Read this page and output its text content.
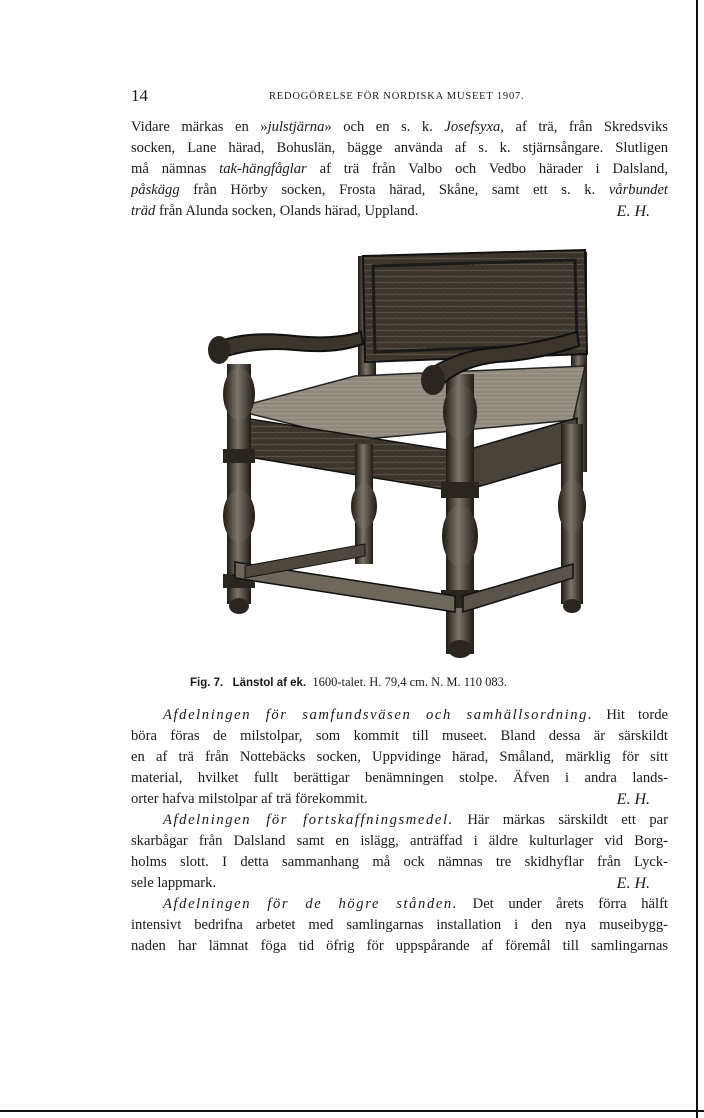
14	REDOGÖRELSE FÖR NORDISKA MUSEET 1907.
Vidare märkas en »julstjärna» och en s. k. Josefsyxa, af trä, från Skredsviks
socken, Lane härad, Bohuslän, bägge använda af s. k. stjärnsångare. Slutligen
må nämnas tak-hängfåglar af trä från Valbo och Vedbo härader i Dalsland,
påskägg från Hörby socken, Frosta härad, Skåne, samt ett s. k. vårbundet
träd från Alunda socken, Olands härad, Uppland.	E. H.
Fig. 7. Länstol af ek. 1600-talet. H. 79,4 cm. N. M. 110 083.
Afdelningen för samfundsväsen och samhällsordning. Hit torde
böra föras de milstolpar, som kommit till museet. Bland dessa är särskildt
en af trä från Nottebäcks socken, Uppvidinge härad, Småland, märklig för sitt
material, hvilket fullt berättigar benämningen stolpe. Äfven i andra lands-
orter hafva milstolpar af trä förekommit.	E. H.
Afdelningen för fortskaffningsmedel. Här märkas särskildt ett par
skarbågar från Dalsland samt en islägg, anträffad i äldre kulturlager vid Borg-
holms slott. I detta sammanhang må ock nämnas tre skidhyflar från Lyck-
sele lappmark.	E. H.
Afdelningen för de högre stånden. Det under årets förra hälft
intensivt bedrifna arbetet med samlingarnas installation i den nya museibygg-
naden har lämnat föga tid öfrig för uppspårande af föremål till samlingarnas
